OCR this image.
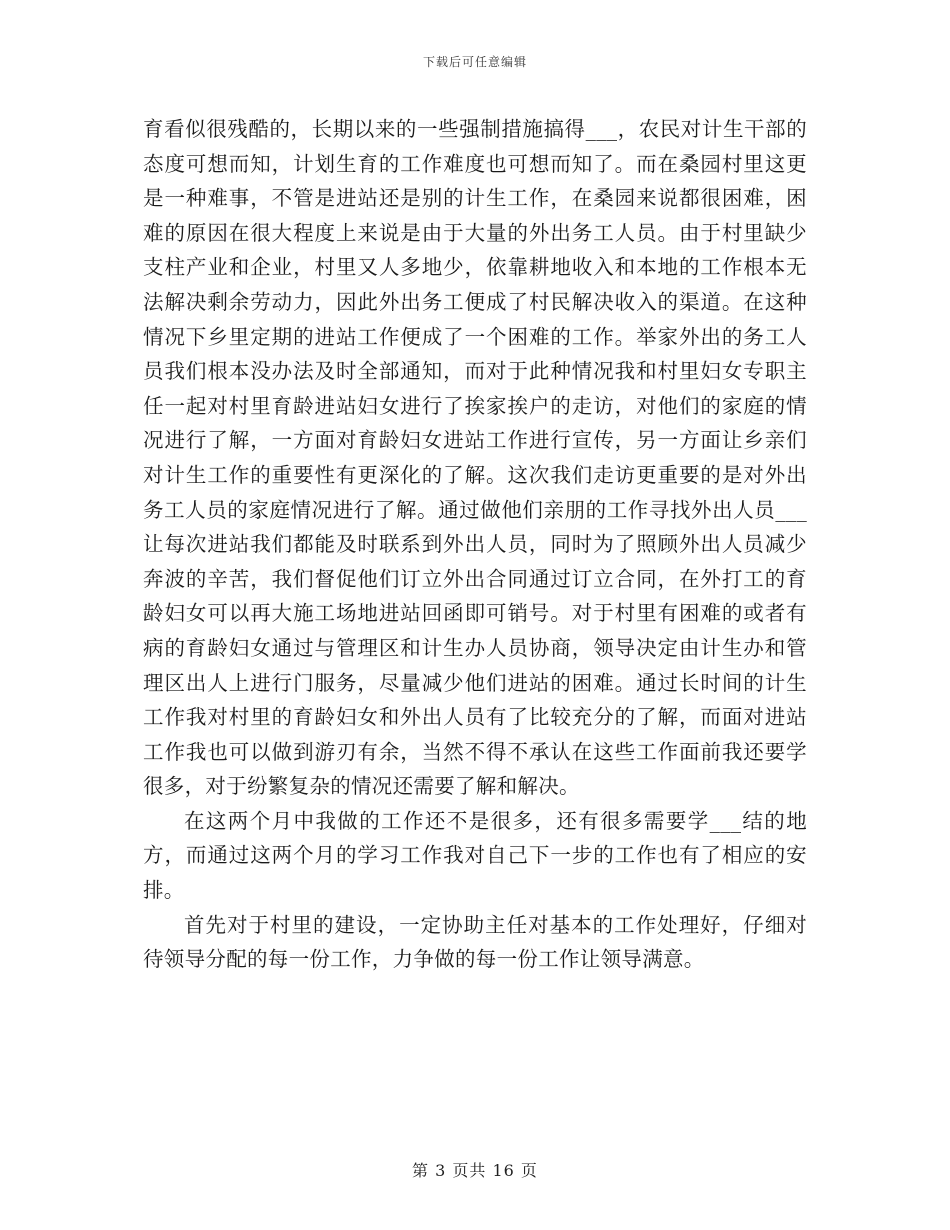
下载后可任意编辑

育看似很残酷的，长期以来的一些强制措施搞得___，农民对计生干部的态度可想而知，计划生育的工作难度也可想而知了。而在桑园村里这更是一种难事，不管是进站还是别的计生工作，在桑园来说都很困难，困难的原因在很大程度上来说是由于大量的外出务工人员。由于村里缺少支柱产业和企业，村里又人多地少，依靠耕地收入和本地的工作根本无法解决剩余劳动力，因此外出务工便成了村民解决收入的渠道。在这种情况下乡里定期的进站工作便成了一个困难的工作。举家外出的务工人员我们根本没办法及时全部通知，而对于此种情况我和村里妇女专职主任一起对村里育龄进站妇女进行了挨家挨户的走访，对他们的家庭的情况进行了解，一方面对育龄妇女进站工作进行宣传，另一方面让乡亲们对计生工作的重要性有更深化的了解。这次我们走访更重要的是对外出务工人员的家庭情况进行了解。通过做他们亲朋的工作寻找外出人员___让每次进站我们都能及时联系到外出人员，同时为了照顾外出人员减少奔波的辛苦，我们督促他们订立外出合同通过订立合同，在外打工的育龄妇女可以再大施工场地进站回函即可销号。对于村里有困难的或者有病的育龄妇女通过与管理区和计生办人员协商，领导决定由计生办和管理区出人上进行门服务，尽量减少他们进站的困难。通过长时间的计生工作我对村里的育龄妇女和外出人员有了比较充分的了解，而面对进站工作我也可以做到游刃有余，当然不得不承认在这些工作面前我还要学很多，对于纷繁复杂的情况还需要了解和解决。

在这两个月中我做的工作还不是很多，还有很多需要学___结的地方，而通过这两个月的学习工作我对自己下一步的工作也有了相应的安排。

首先对于村里的建设，一定协助主任对基本的工作处理好，仔细对待领导分配的每一份工作，力争做的每一份工作让领导满意。

第 3 页共 16 页
